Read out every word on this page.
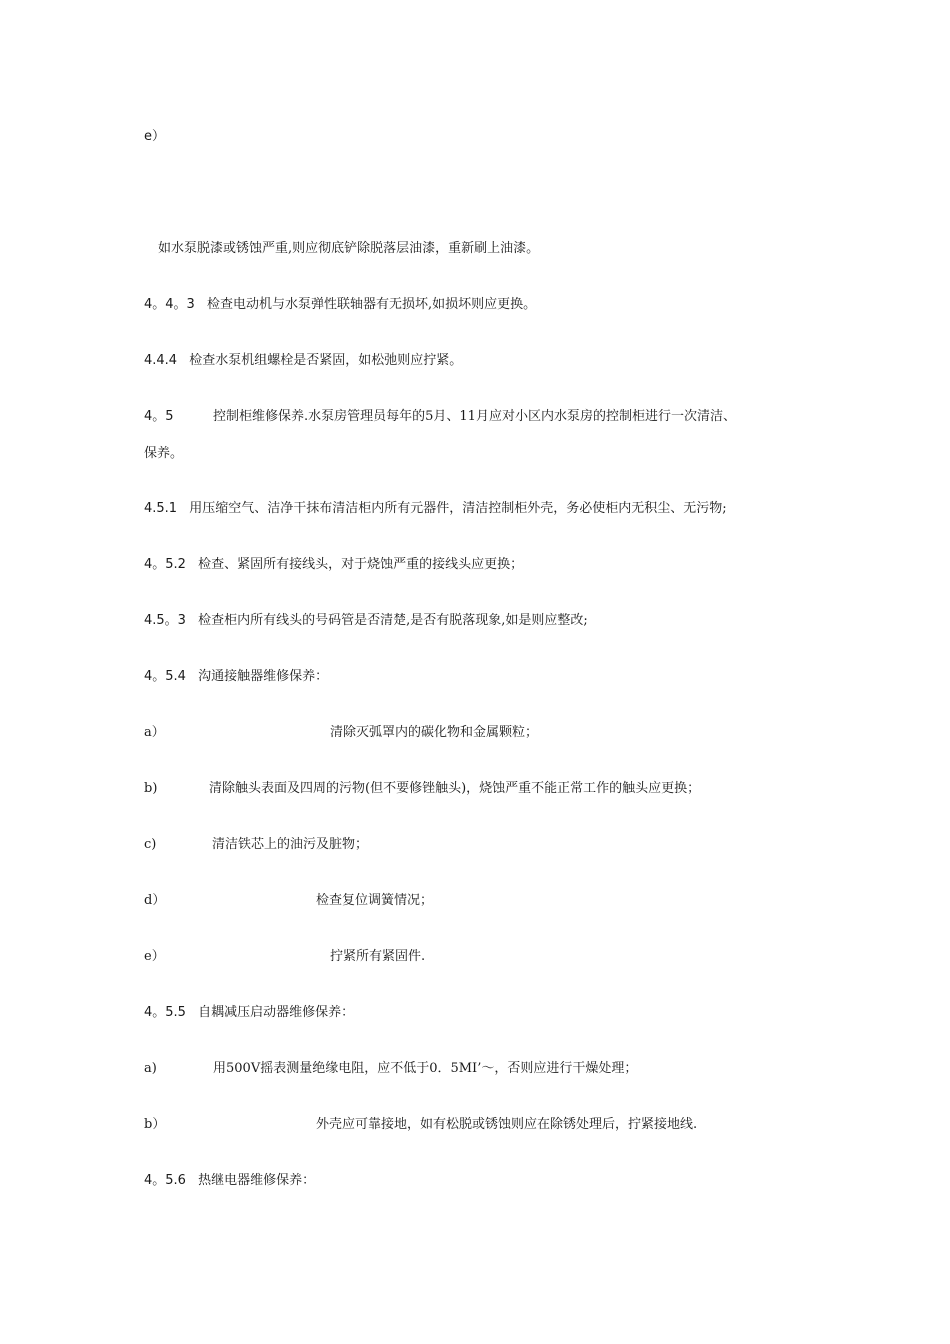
e）
如水泵脱漆或锈蚀严重,则应彻底铲除脱落层油漆，重新刷上油漆。
4。4。3 检查电动机与水泵弹性联轴器有无损坏,如损坏则应更换。
4.4.4 检查水泵机组螺栓是否紧固，如松弛则应拧紧。
4。5	控制柜维修保养.水泵房管理员每年的5月、11月应对小区内水泵房的控制柜进行一次清洁、
保养。
4.5.1 用压缩空气、洁净干抹布清洁柜内所有元器件，清洁控制柜外壳，务必使柜内无积尘、无污物;
4。5.2 检查、紧固所有接线头，对于烧蚀严重的接线头应更换；
4.5。3 检查柜内所有线头的号码管是否清楚,是否有脱落现象,如是则应整改;
4。5.4 沟通接触器维修保养：
a）	清除灭弧罩内的碳化物和金属颗粒；
b)	清除触头表面及四周的污物(但不要修锉触头)，烧蚀严重不能正常工作的触头应更换；
c)	清洁铁芯上的油污及脏物；
d）	检查复位调簧情况；
e）	拧紧所有紧固件.
4。5.5 自耦减压启动器维修保养：
a)	用500V摇表测量绝缘电阻，应不低于0．5MI’～，否则应进行干燥处理；
b）	外壳应可靠接地，如有松脱或锈蚀则应在除锈处理后，拧紧接地线.
4。5.6 热继电器维修保养：
